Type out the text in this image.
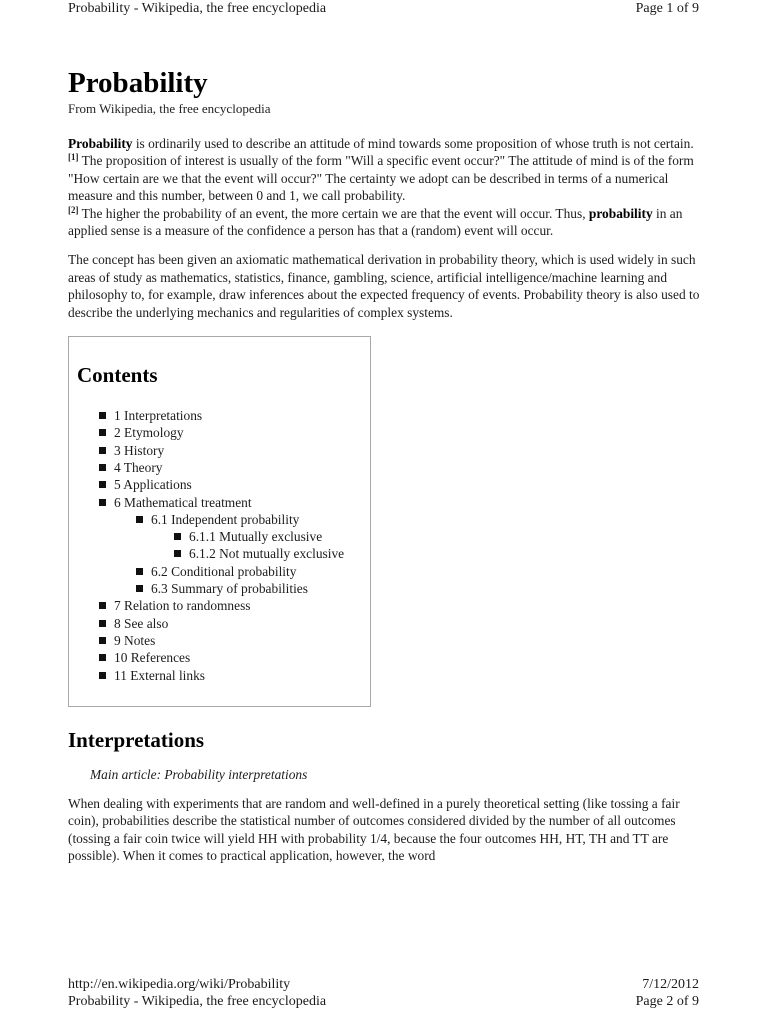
Probability - Wikipedia, the free encyclopedia	Page 1 of 9
Probability
From Wikipedia, the free encyclopedia

Probability is ordinarily used to describe an attitude of mind towards some proposition of whose truth is not certain.[1] The proposition of interest is usually of the form "Will a specific event occur?" The attitude of mind is of the form "How certain are we that the event will occur?" The certainty we adopt can be described in terms of a numerical measure and this number, between 0 and 1, we call probability.
[2] The higher the probability of an event, the more certain we are that the event will occur. Thus, probability in an applied sense is a measure of the confidence a person has that a (random) event will occur.

The concept has been given an axiomatic mathematical derivation in probability theory, which is used widely in such areas of study as mathematics, statistics, finance, gambling, science, artificial intelligence/machine learning and philosophy to, for example, draw inferences about the expected frequency of events. Probability theory is also used to describe the underlying mechanics and regularities of complex systems.

Contents
1 Interpretations
2 Etymology
3 History
4 Theory
5 Applications
6 Mathematical treatment
6.1 Independent probability
6.1.1 Mutually exclusive
6.1.2 Not mutually exclusive
6.2 Conditional probability
6.3 Summary of probabilities
7 Relation to randomness
8 See also
9 Notes
10 References
11 External links
Interpretations
Main article: Probability interpretations

When dealing with experiments that are random and well-defined in a purely theoretical setting (like tossing a fair coin), probabilities describe the statistical number of outcomes considered divided by the number of all outcomes (tossing a fair coin twice will yield HH with probability 1/4, because the four outcomes HH, HT, TH and TT are possible). When it comes to practical application, however, the word

http://en.wikipedia.org/wiki/Probability	7/12/2012
Probability - Wikipedia, the free encyclopedia	Page 2 of 9
